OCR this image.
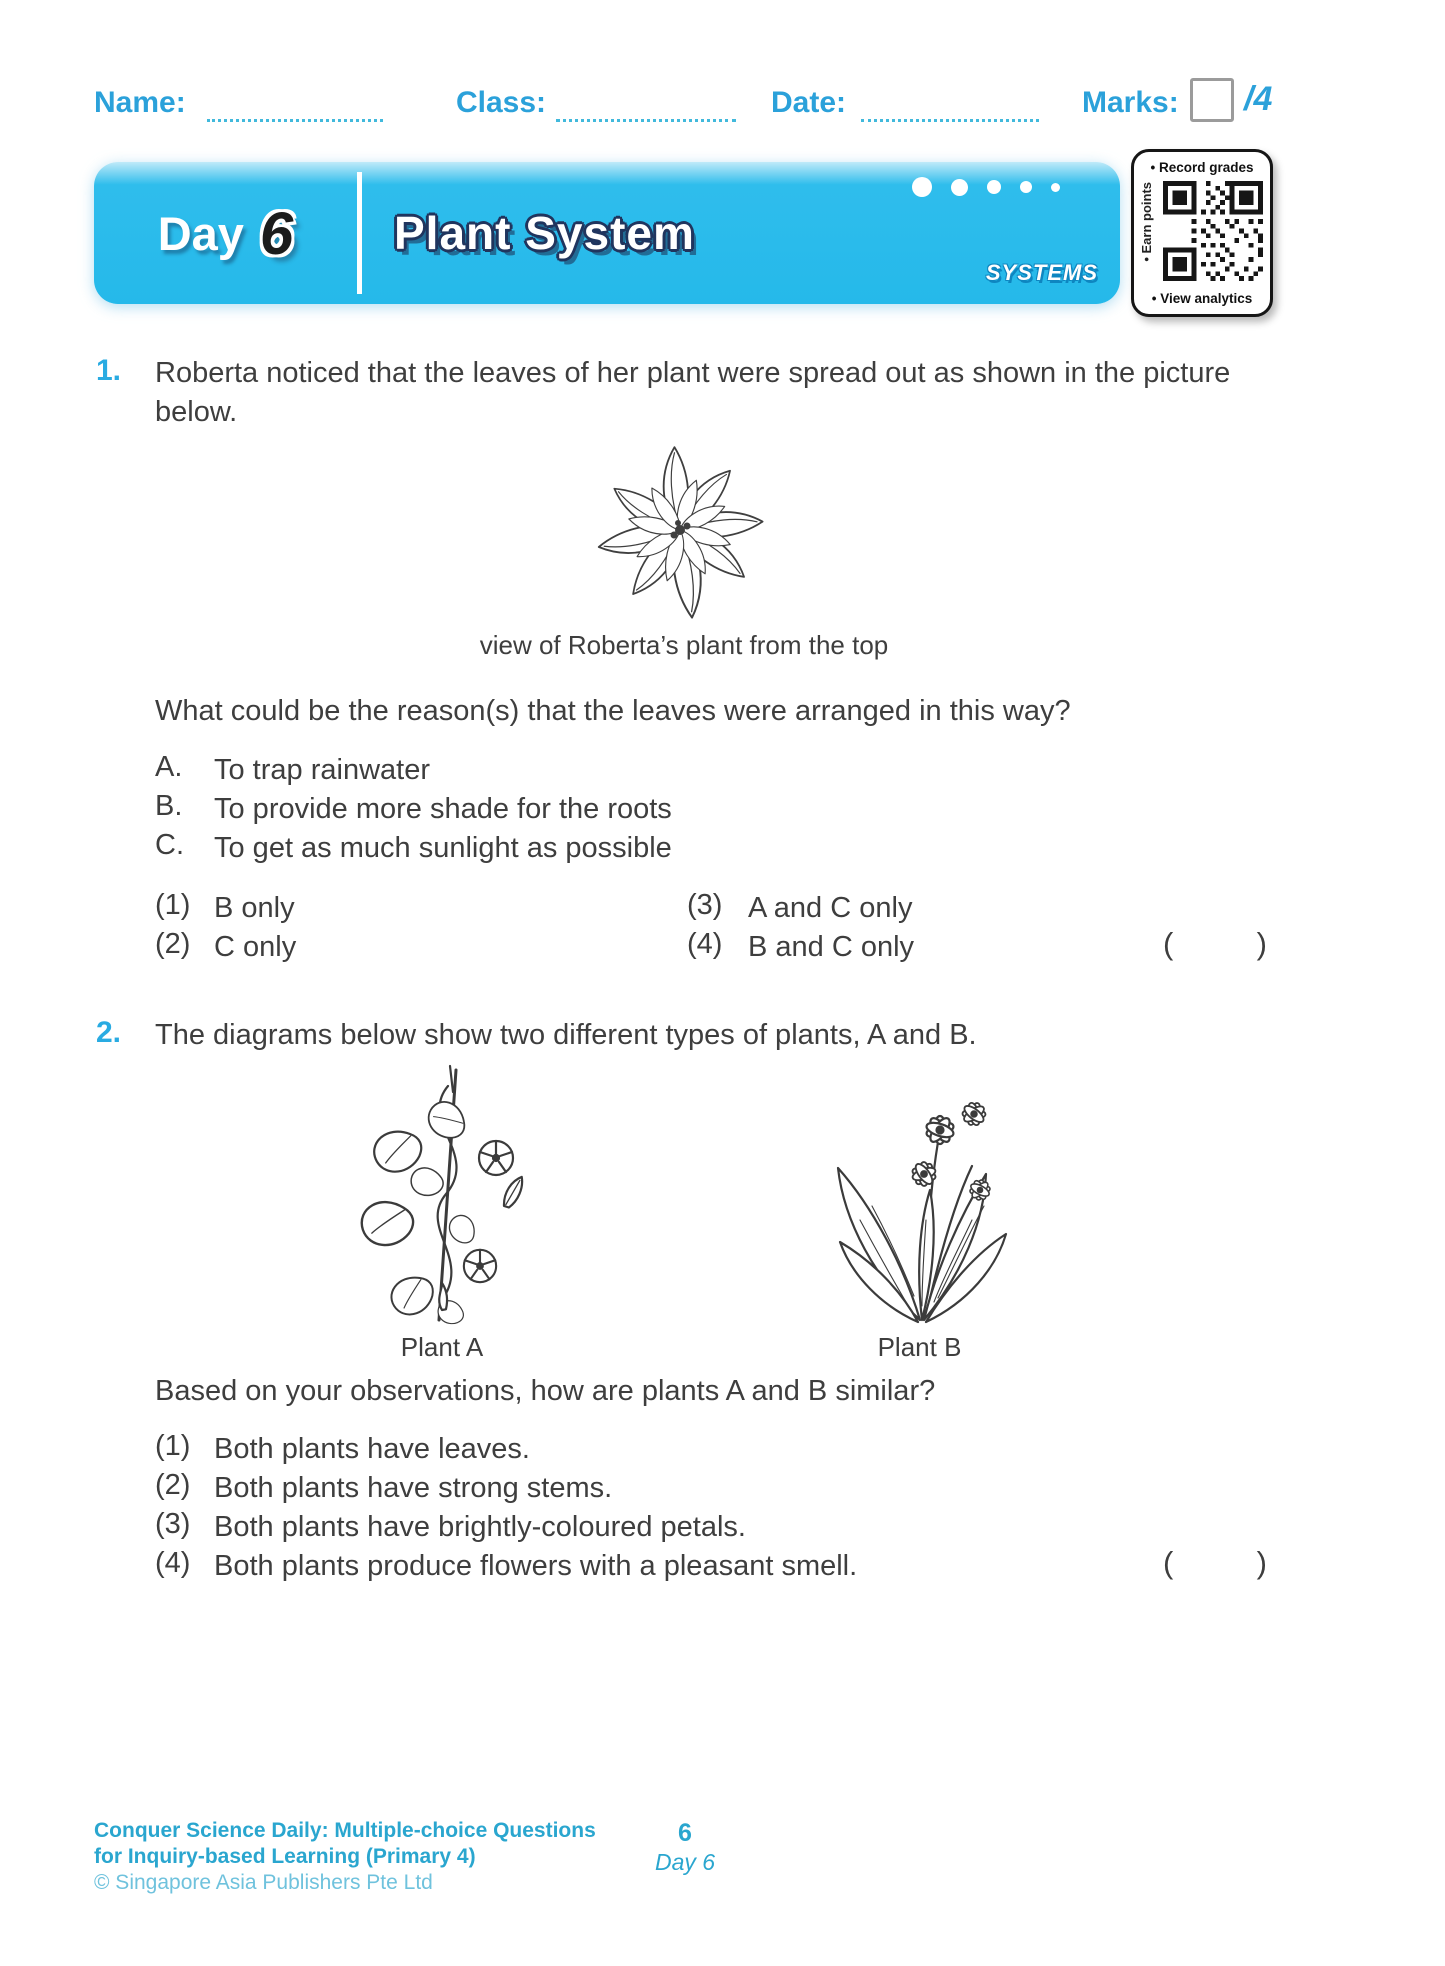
Name:	Class:	Date:	Marks: /4
Day 6 Plant System
SYSTEMS
• Record grades
• Earn points
• View analytics
1. Roberta noticed that the leaves of her plant were spread out as shown in the picture below.
view of Roberta’s plant from the top
What could be the reason(s) that the leaves were arranged in this way?
A. To trap rainwater
B. To provide more shade for the roots
C. To get as much sunlight as possible
(1) B only	(3) A and C only
(2) C only	(4) B and C only	(	)
2. The diagrams below show two different types of plants, A and B.
Plant A	Plant B
Based on your observations, how are plants A and B similar?
(1) Both plants have leaves.
(2) Both plants have strong stems.
(3) Both plants have brightly-coloured petals.
(4) Both plants produce flowers with a pleasant smell.	(	)
Conquer Science Daily: Multiple-choice Questions
for Inquiry-based Learning (Primary 4)
© Singapore Asia Publishers Pte Ltd
6
Day 6
